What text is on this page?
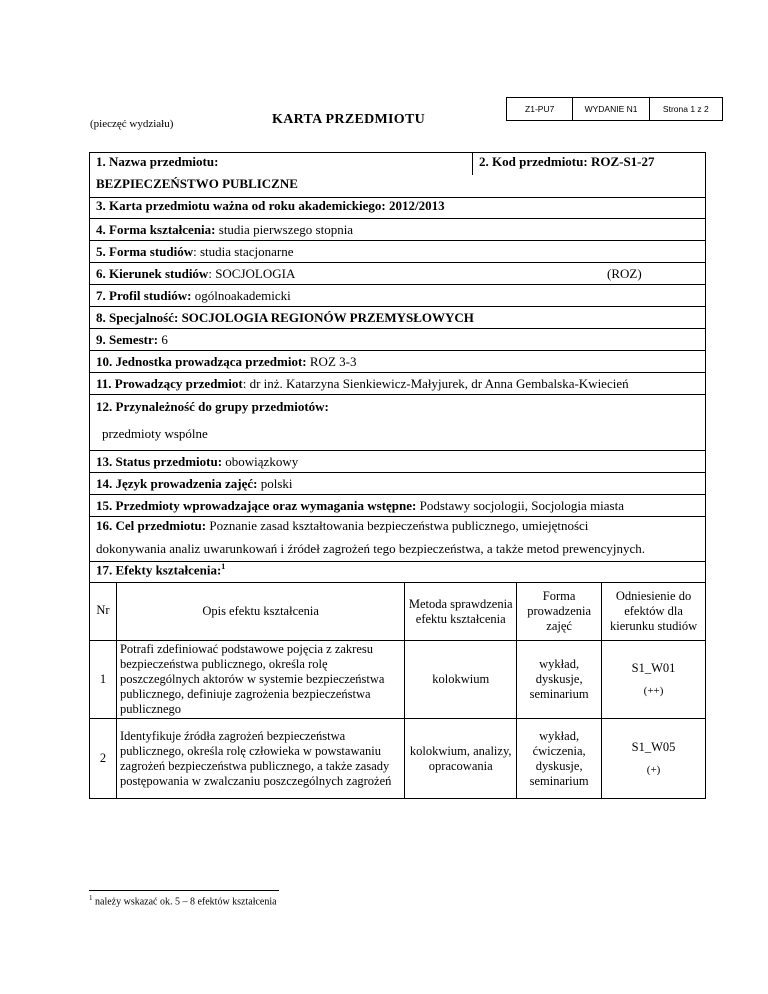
Z1-PU7	WYDANIE N1	Strona 1 z 2
(pieczęć wydziału)	KARTA PRZEDMIOTU
1. Nazwa przedmiotu:
BEZPIECZEŃSTWO PUBLICZNE
2. Kod przedmiotu: ROZ-S1-27
3. Karta przedmiotu ważna od roku akademickiego: 2012/2013
4. Forma kształcenia: studia pierwszego stopnia
5. Forma studiów: studia stacjonarne
6. Kierunek studiów: SOCJOLOGIA	(ROZ)
7. Profil studiów: ogólnoakademicki
8. Specjalność: SOCJOLOGIA REGIONÓW PRZEMYSŁOWYCH
9. Semestr: 6
10. Jednostka prowadząca przedmiot: ROZ 3-3
11. Prowadzący przedmiot: dr inż. Katarzyna Sienkiewicz-Małyjurek, dr Anna Gembalska-Kwiecień
12. Przynależność do grupy przedmiotów:
przedmioty wspólne
13. Status przedmiotu: obowiązkowy
14. Język prowadzenia zajęć: polski
15. Przedmioty wprowadzające oraz wymagania wstępne: Podstawy socjologii, Socjologia miasta
16. Cel przedmiotu: Poznanie zasad kształtowania bezpieczeństwa publicznego, umiejętności
dokonywania analiz uwarunkowań i źródeł zagrożeń tego bezpieczeństwa, a także metod prewencyjnych.
17. Efekty kształcenia:$^1$
Nr	Opis efektu kształcenia	Metoda sprawdzenia efektu kształcenia	Forma prowadzenia zajęć	Odniesienie do efektów dla kierunku studiów
1	Potrafi zdefiniować podstawowe pojęcia z zakresu bezpieczeństwa publicznego, określa rolę poszczególnych aktorów w systemie bezpieczeństwa publicznego, definiuje zagrożenia bezpieczeństwa publicznego	kolokwium	wykład, dyskusje, seminarium	S1_W01
(++)

2	Identyfikuje źródła zagrożeń bezpieczeństwa publicznego, określa rolę człowieka w powstawaniu zagrożeń bezpieczeństwa publicznego, a także zasady postępowania w zwalczaniu poszczególnych zagrożeń	kolokwium, analizy, opracowania	wykład, ćwiczenia, dyskusje, seminarium	S1_W05
(+)
$^1$ należy wskazać ok. 5 – 8 efektów kształcenia
